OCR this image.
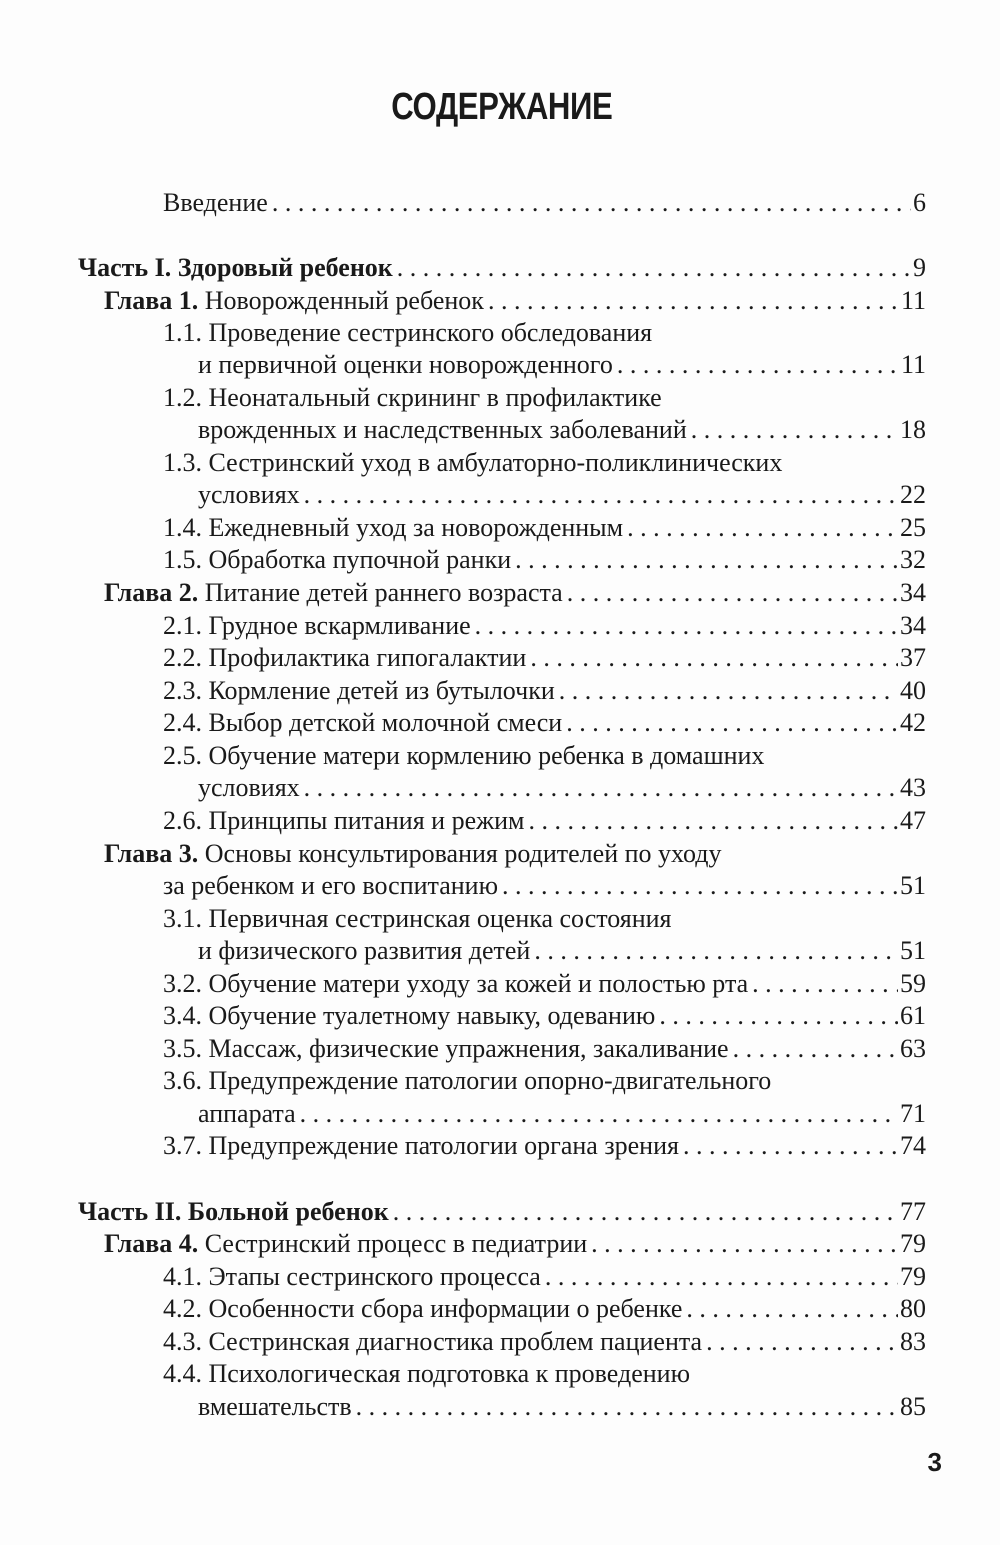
СОДЕРЖАНИЕ
Введение . . .	6
Часть I. Здоровый ребенок . . .	9
Глава 1. Новорожденный ребенок . . .	11
1.1. Проведение сестринского обследования
и первичной оценки новорожденного . . .	11
1.2. Неонатальный скрининг в профилактике
врожденных и наследственных заболеваний . . .	18
1.3. Сестринский уход в амбулаторно-поликлинических
условиях . . .	22
1.4. Ежедневный уход за новорожденным . . .	25
1.5. Обработка пупочной ранки . . .	32
Глава 2. Питание детей раннего возраста . . .	34
2.1. Грудное вскармливание . . .	34
2.2. Профилактика гипогалактии . . .	37
2.3. Кормление детей из бутылочки . . .	40
2.4. Выбор детской молочной смеси . . .	42
2.5. Обучение матери кормлению ребенка в домашних
условиях . . .	43
2.6. Принципы питания и режим . . .	47
Глава 3. Основы консультирования родителей по уходу
за ребенком и его воспитанию . . .	51
3.1. Первичная сестринская оценка состояния
и физического развития детей . . .	51
3.2. Обучение матери уходу за кожей и полостью рта . . .	59
3.4. Обучение туалетному навыку, одеванию . . .	61
3.5. Массаж, физические упражнения, закаливание . . .	63
3.6. Предупреждение патологии опорно-двигательного
аппарата . . .	71
3.7. Предупреждение патологии органа зрения . . .	74
Часть II. Больной ребенок . . .	77
Глава 4. Сестринский процесс в педиатрии . . .	79
4.1. Этапы сестринского процесса . . .	79
4.2. Особенности сбора информации о ребенке . . .	80
4.3. Сестринская диагностика проблем пациента . . .	83
4.4. Психологическая подготовка к проведению
вмешательств . . .	85
3
